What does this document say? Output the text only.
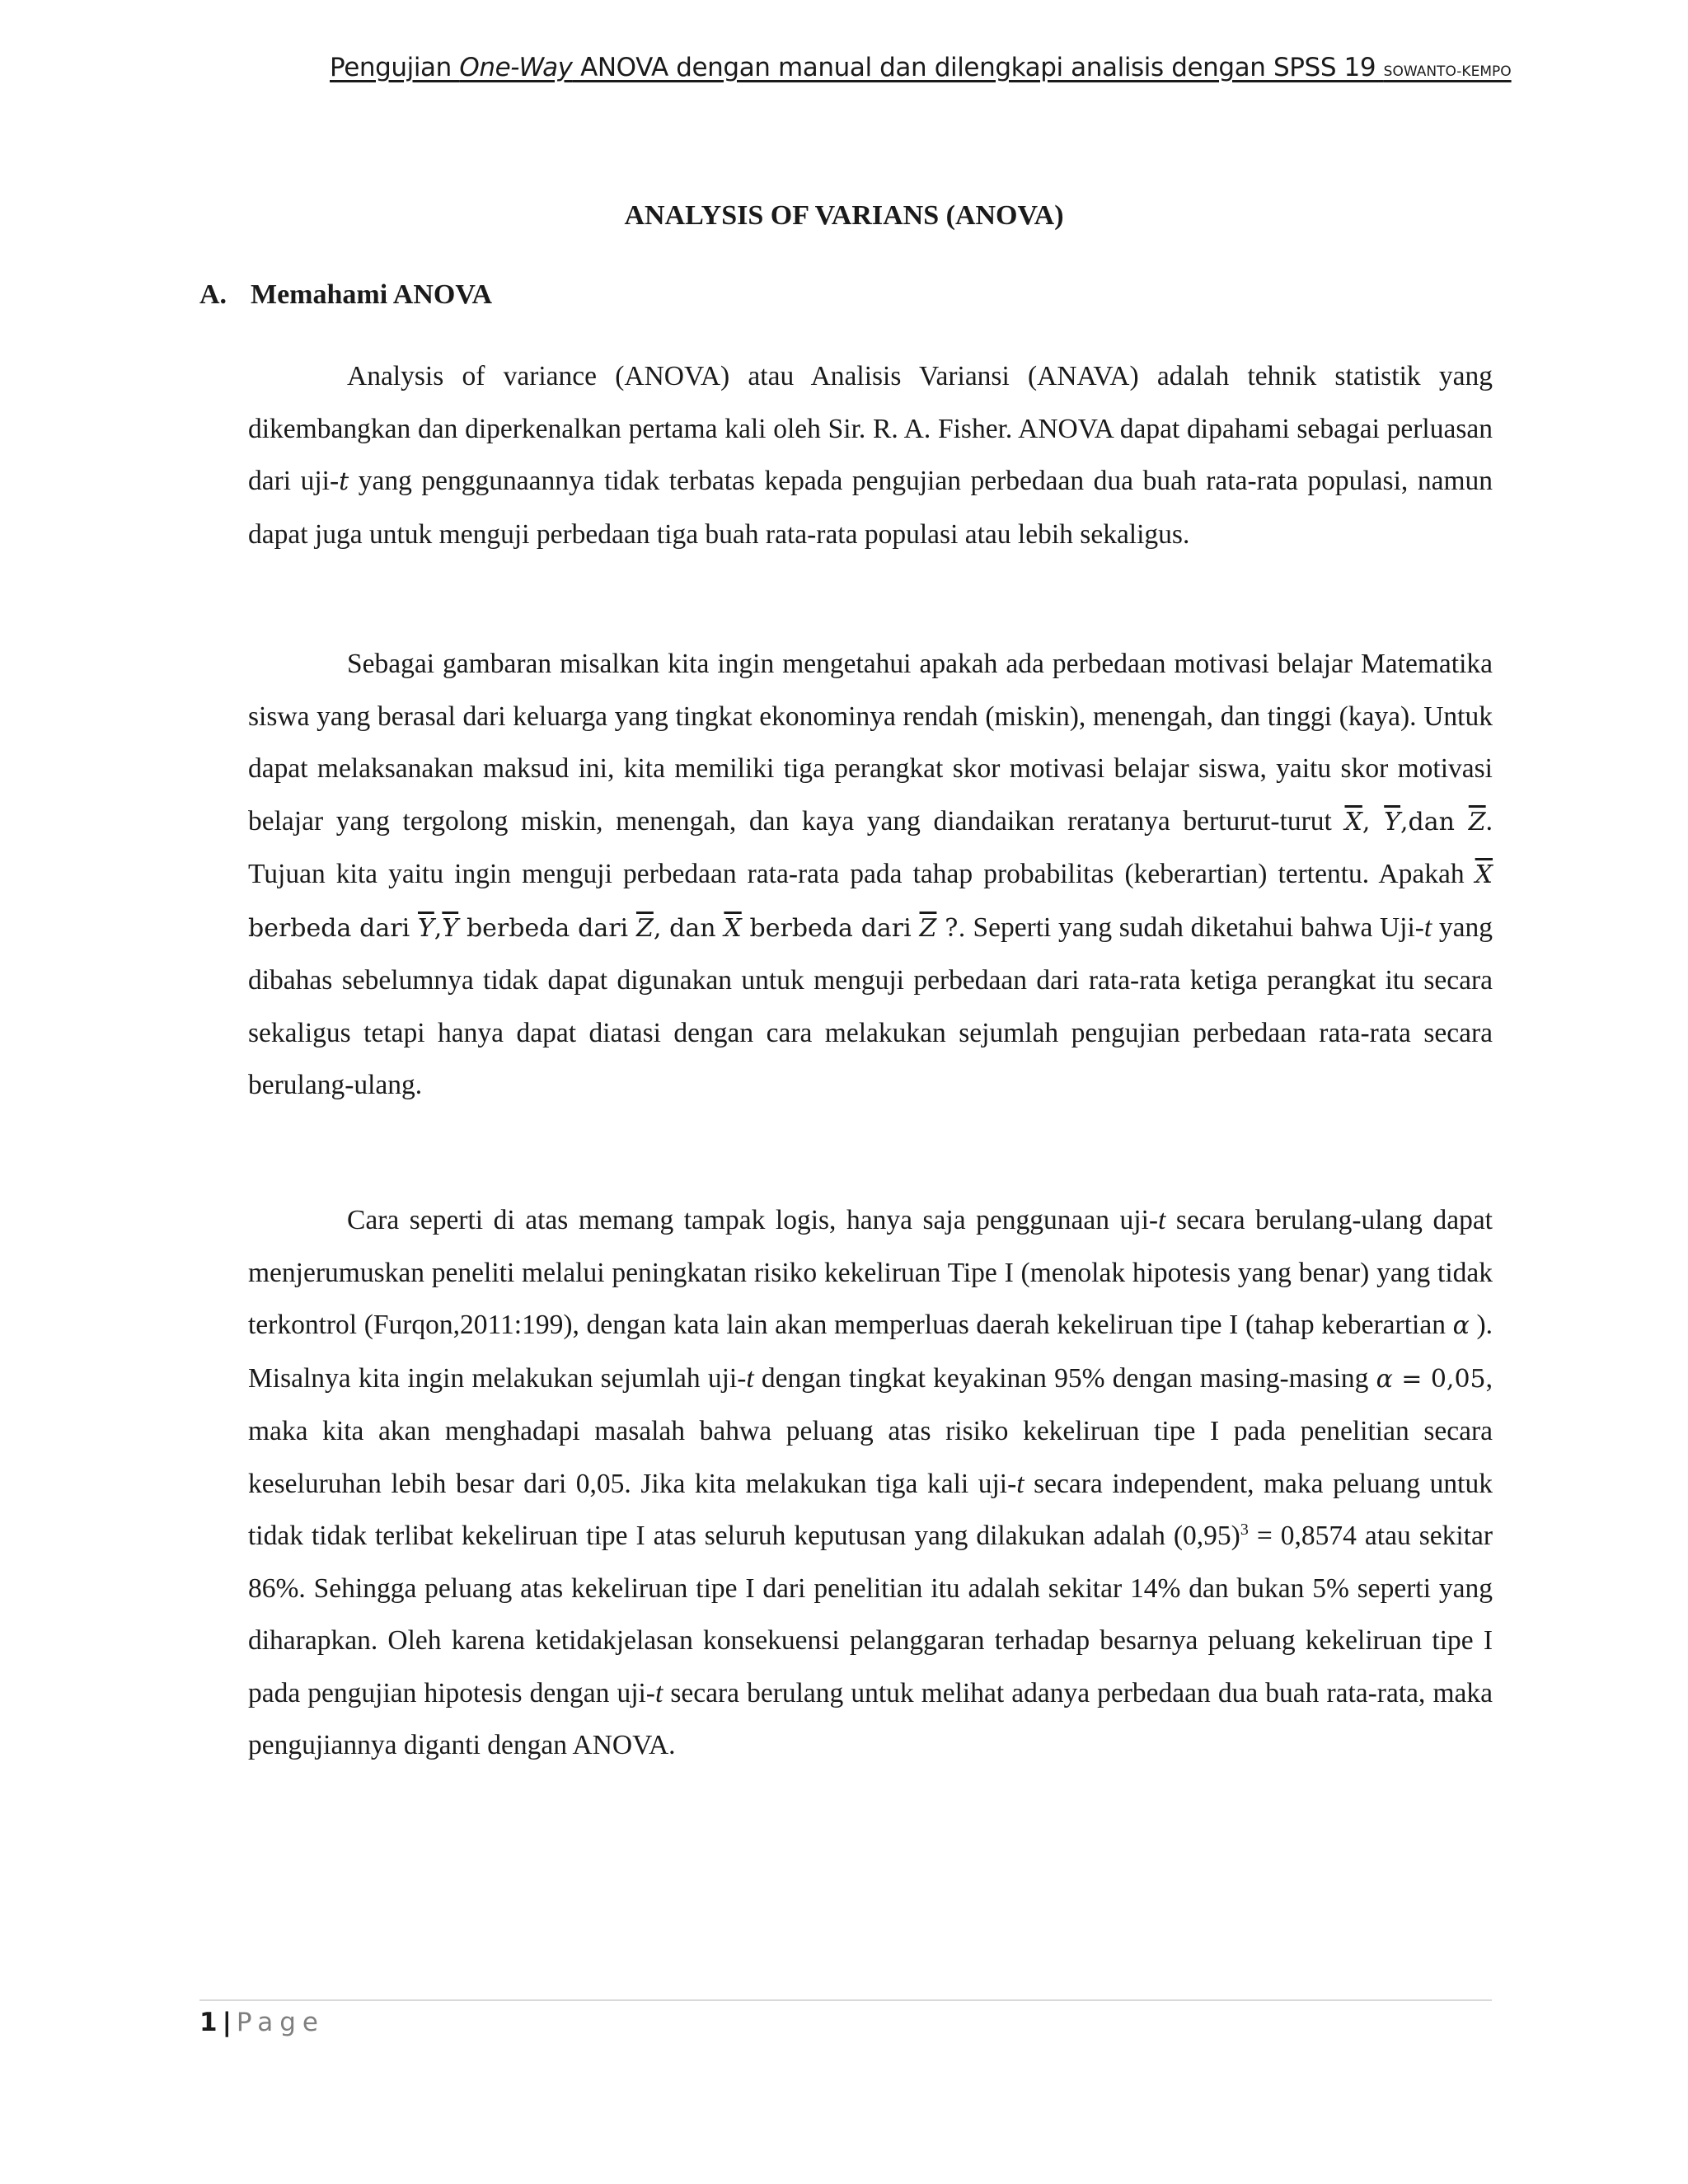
Pengujian One-Way ANOVA dengan manual dan dilengkapi analisis dengan SPSS 19 SOWANTO-KEMPO
ANALYSIS OF VARIANS (ANOVA)
A. Memahami ANOVA

Analysis of variance (ANOVA) atau Analisis Variansi (ANAVA) adalah tehnik statistik yang dikembangkan dan diperkenalkan pertama kali oleh Sir. R. A. Fisher. ANOVA dapat dipahami sebagai perluasan dari uji-t yang penggunaannya tidak terbatas kepada pengujian perbedaan dua buah rata-rata populasi, namun dapat juga untuk menguji perbedaan tiga buah rata-rata populasi atau lebih sekaligus.

Sebagai gambaran misalkan kita ingin mengetahui apakah ada perbedaan motivasi belajar Matematika siswa yang berasal dari keluarga yang tingkat ekonominya rendah (miskin), menengah, dan tinggi (kaya). Untuk dapat melaksanakan maksud ini, kita memiliki tiga perangkat skor motivasi belajar siswa, yaitu skor motivasi belajar yang tergolong miskin, menengah, dan kaya yang diandaikan reratanya berturut-turut $\overline{X}$, $\overline{Y},dan$ $\overline{Z}$. Tujuan kita yaitu ingin menguji perbedaan rata-rata pada tahap probabilitas (keberartian) tertentu. Apakah $\overline{X}$ berbeda dari $\overline{Y},\overline{Y}$ berbeda dari $\overline{Z}$, dan $\overline{X}$ berbeda dari $\overline{Z}$ ?. Seperti yang sudah diketahui bahwa Uji-t yang dibahas sebelumnya tidak dapat digunakan untuk menguji perbedaan dari rata-rata ketiga perangkat itu secara sekaligus tetapi hanya dapat diatasi dengan cara melakukan sejumlah pengujian perbedaan rata-rata secara berulang-ulang.

Cara seperti di atas memang tampak logis, hanya saja penggunaan uji-t secara berulang-ulang dapat menjerumuskan peneliti melalui peningkatan risiko kekeliruan Tipe I (menolak hipotesis yang benar) yang tidak terkontrol (Furqon,2011:199), dengan kata lain akan memperluas daerah kekeliruan tipe I (tahap keberartian α ). Misalnya kita ingin melakukan sejumlah uji-t dengan tingkat keyakinan 95% dengan masing-masing α = 0,05, maka kita akan menghadapi masalah bahwa peluang atas risiko kekeliruan tipe I pada penelitian secara keseluruhan lebih besar dari 0,05. Jika kita melakukan tiga kali uji-t secara independent, maka peluang untuk tidak tidak terlibat kekeliruan tipe I atas seluruh keputusan yang dilakukan adalah $(0,95)^3 = 0,8574$ atau sekitar 86%. Sehingga peluang atas kekeliruan tipe I dari penelitian itu adalah sekitar 14% dan bukan 5% seperti yang diharapkan. Oleh karena ketidakjelasan konsekuensi pelanggaran terhadap besarnya peluang kekeliruan tipe I pada pengujian hipotesis dengan uji-t secara berulang untuk melihat adanya perbedaan dua buah rata-rata, maka pengujiannya diganti dengan ANOVA.

1 | Page
